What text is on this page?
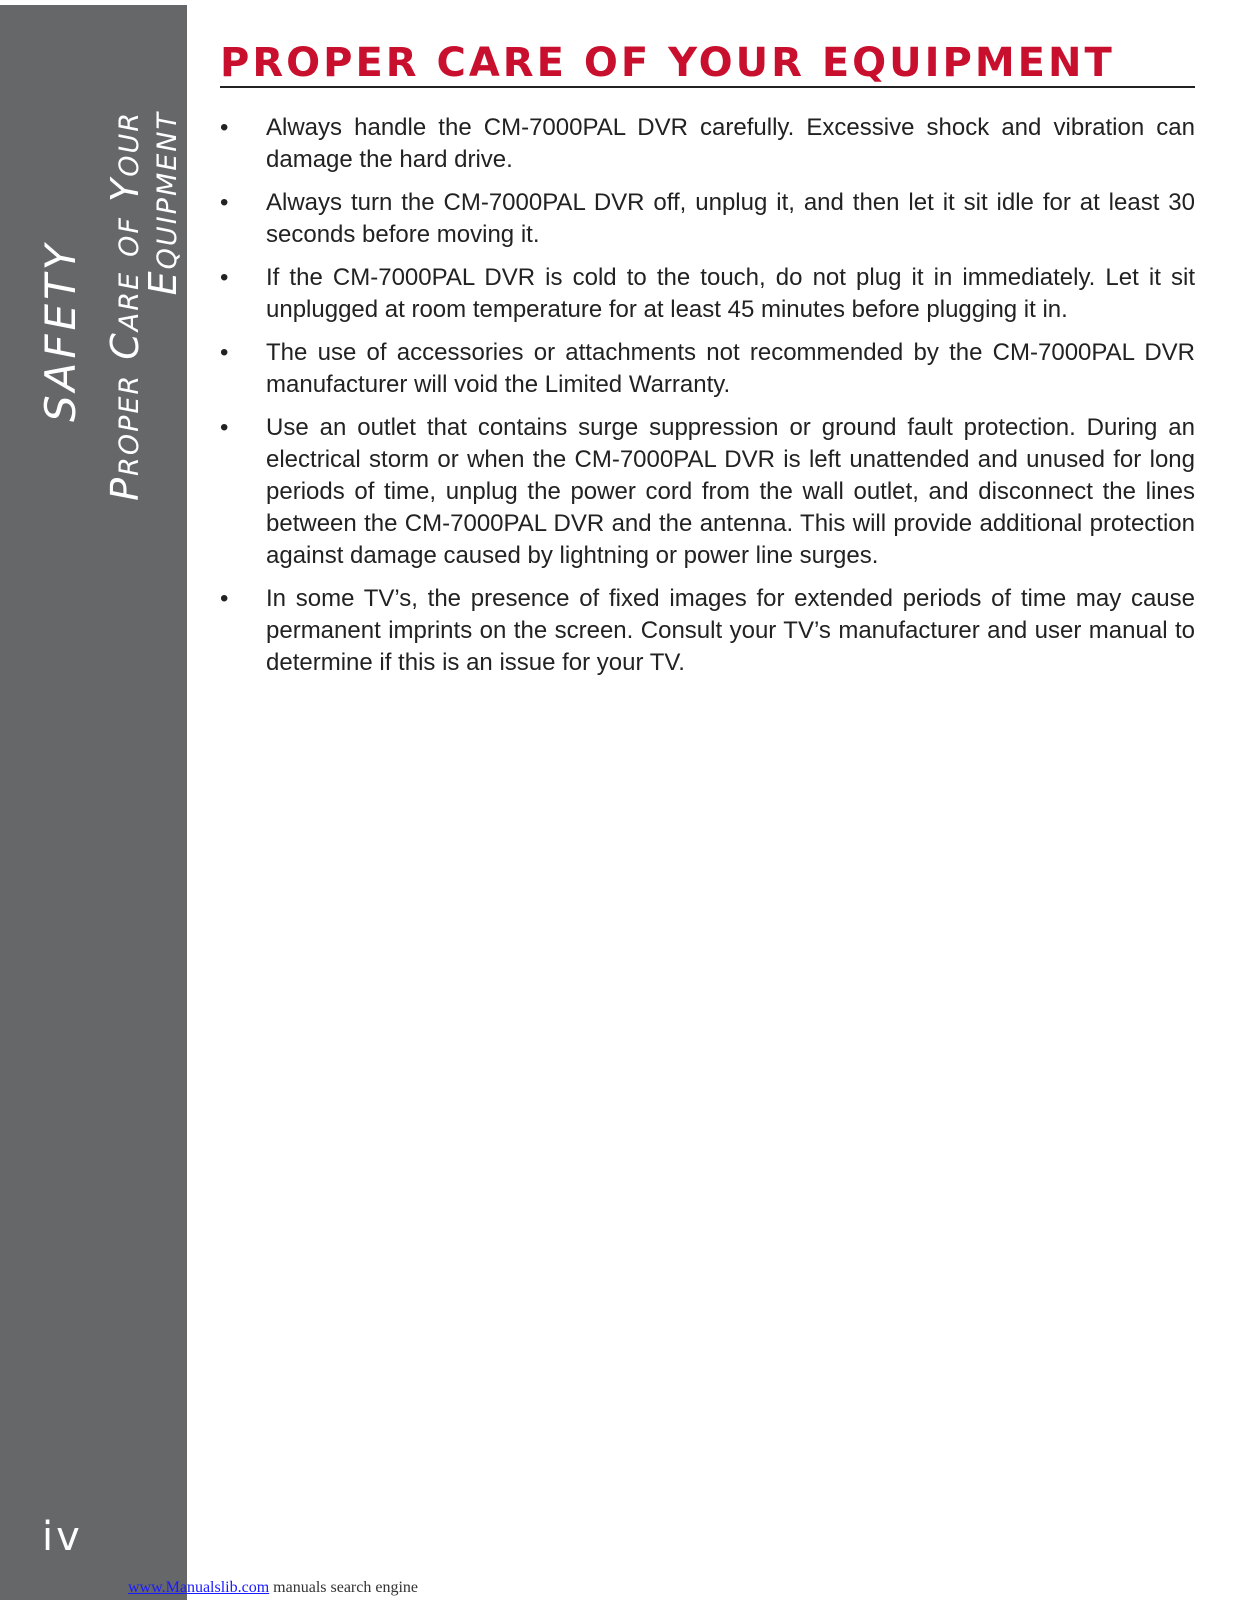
SAFETY Proper Care of Your Equipment
iv
PROPER CARE OF YOUR EQUIPMENT
•	Always handle the CM-7000PAL DVR carefully. Excessive shock and vibration can damage the hard drive.
•	Always turn the CM-7000PAL DVR off, unplug it, and then let it sit idle for at least 30 seconds before moving it.
•	If the CM-7000PAL DVR is cold to the touch, do not plug it in immediately. Let it sit unplugged at room temperature for at least 45 minutes before plugging it in.
•	The use of accessories or attachments not recommended by the CM-7000PAL DVR manufacturer will void the Limited Warranty.
•	Use an outlet that contains surge suppression or ground fault protection. During an electrical storm or when the CM-7000PAL DVR is left unattended and unused for long periods of time, unplug the power cord from the wall outlet, and disconnect the lines between the CM-7000PAL DVR and the antenna. This will provide additional protection against damage caused by lightning or power line surges.
•	In some TV’s, the presence of fixed images for extended periods of time may cause permanent imprints on the screen. Consult your TV’s manufacturer and user manual to determine if this is an issue for your TV.
www.Manualslib.com manuals search engine
